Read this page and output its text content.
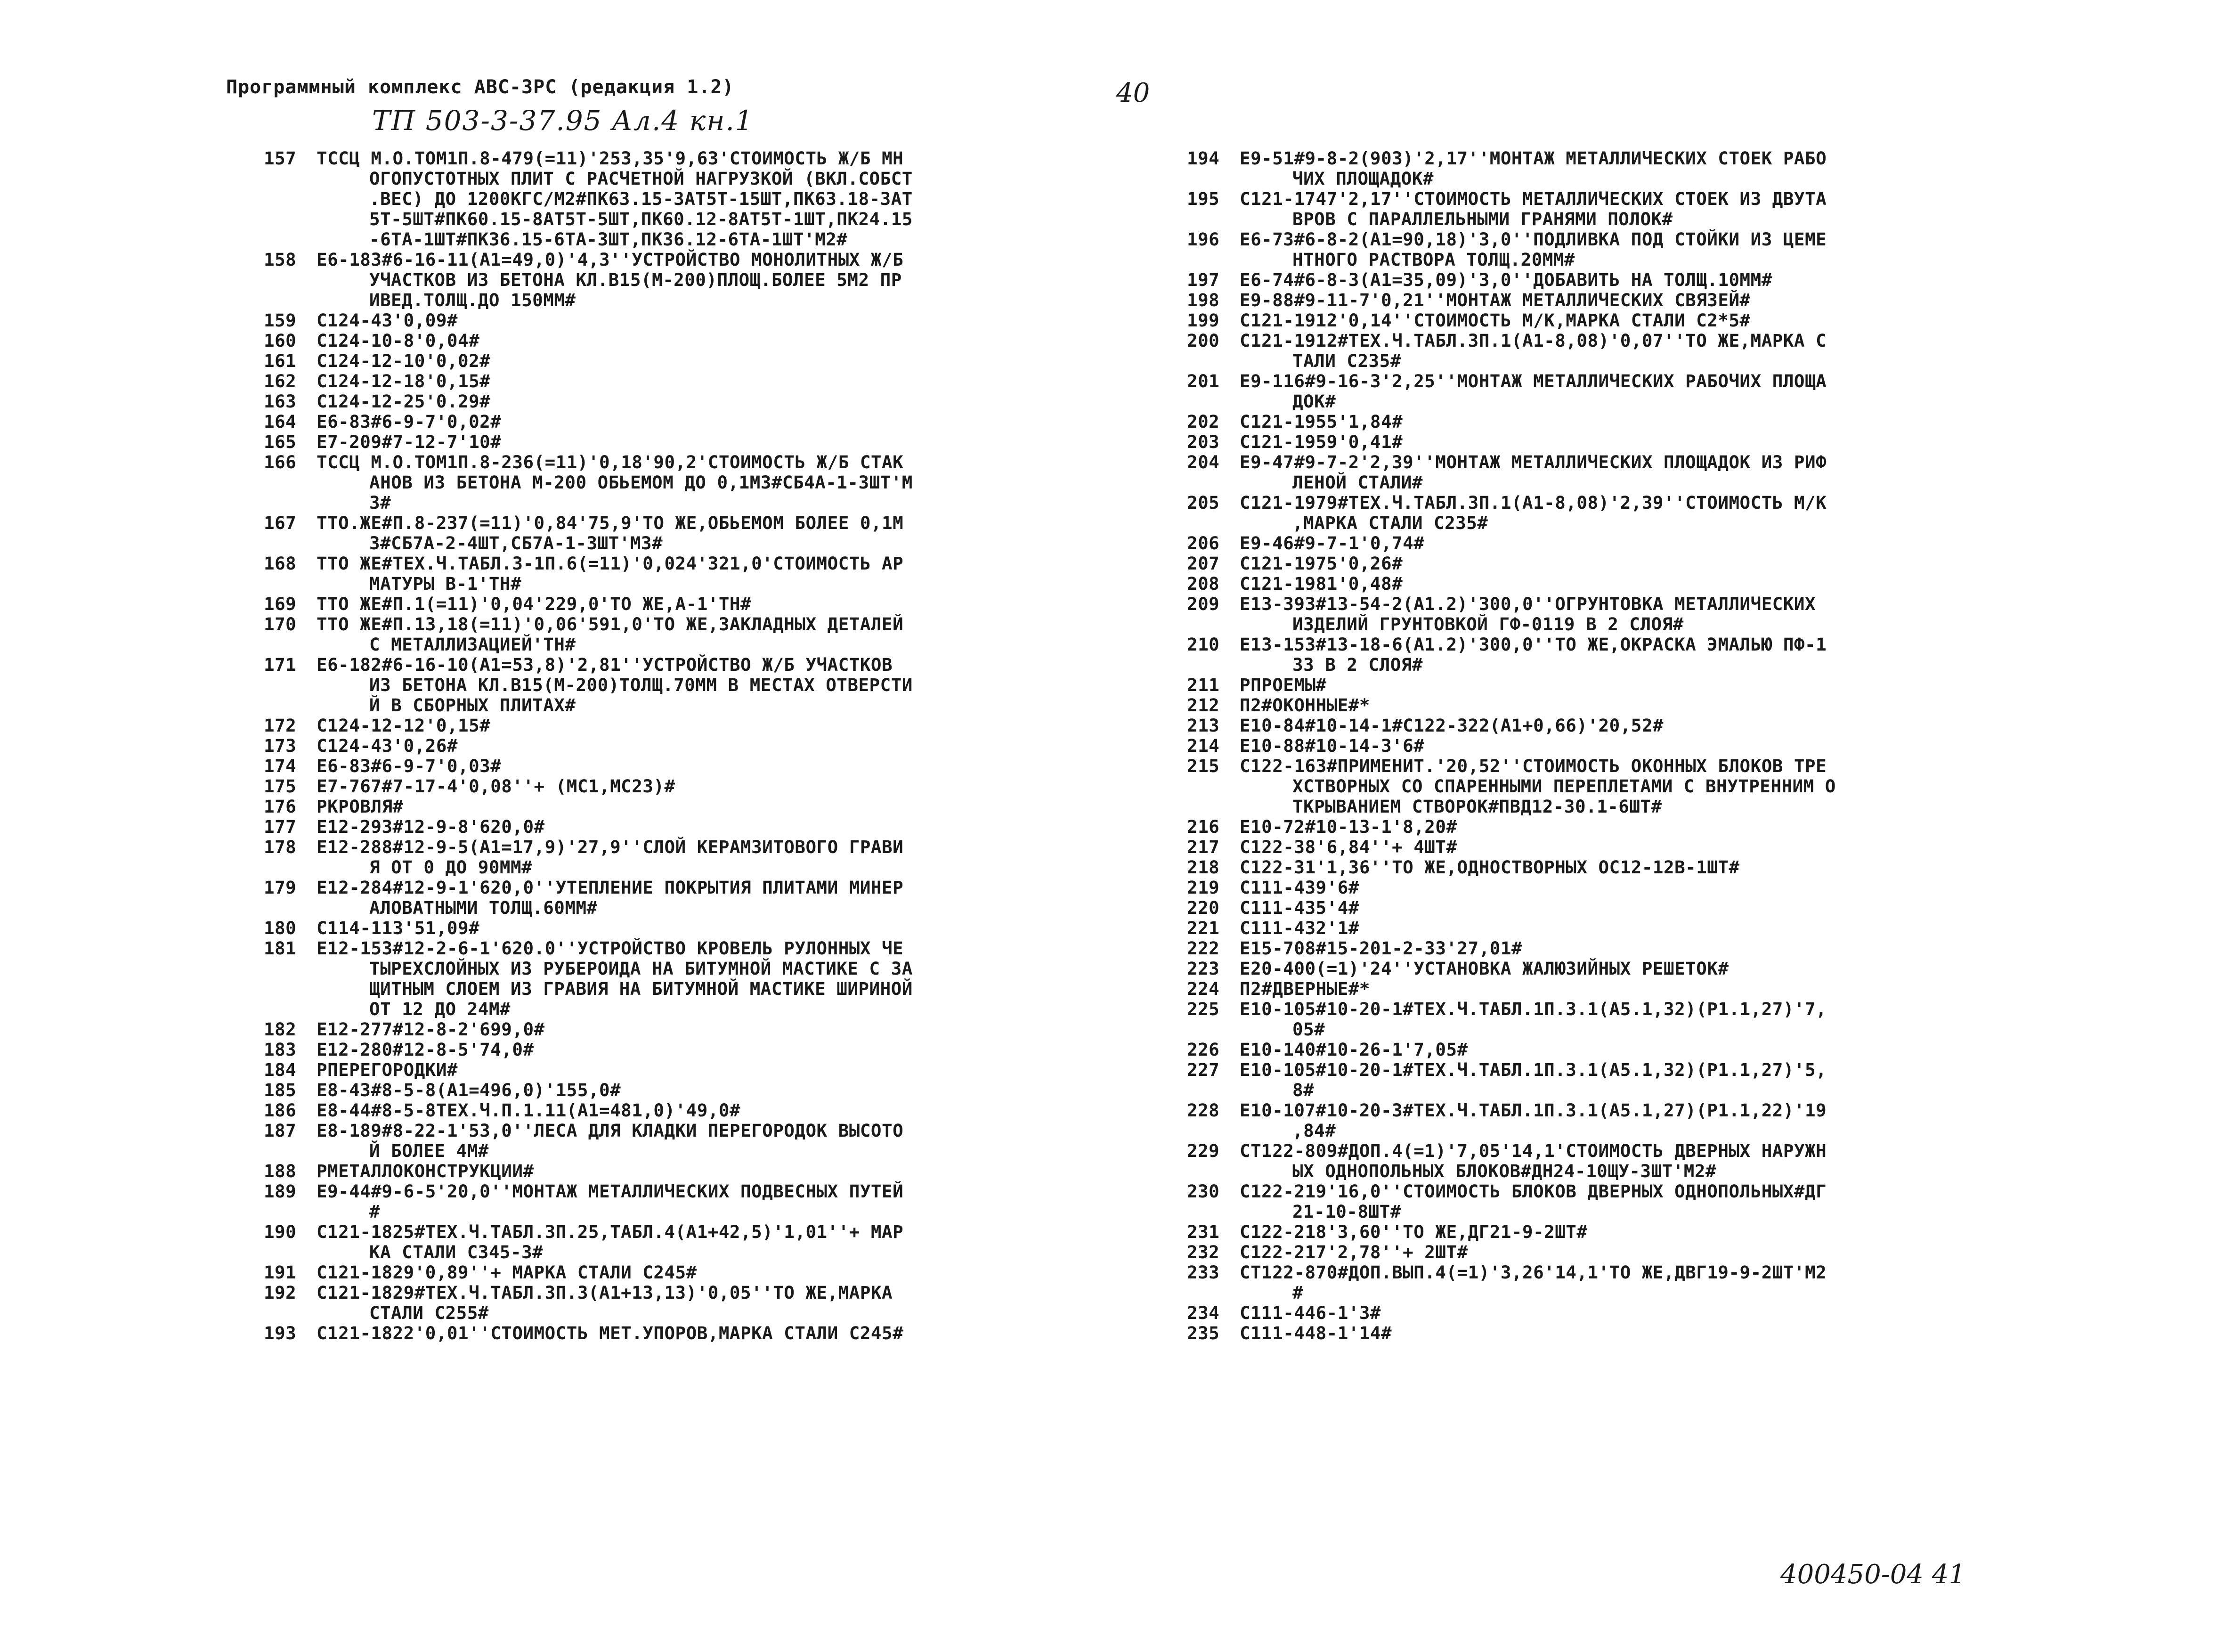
Программный комплекс АВС-3РС (редакция 1.2)
ТП 503-3-37.95 Ал.4 кн.1
40
157	ТССЦ М.О.ТОМ1П.8-479(=11)'253,35'9,63'СТОИМОСТЬ Ж/Б МН
ОГОПУСТОТНЫХ ПЛИТ С РАСЧЕТНОЙ НАГРУЗКОЙ (ВКЛ.СОБСТ
.ВЕС) ДО 1200КГС/М2#ПК63.15-3АТ5Т-15ШТ,ПК63.18-3АТ
5Т-5ШТ#ПК60.15-8АТ5Т-5ШТ,ПК60.12-8АТ5Т-1ШТ,ПК24.15
-6ТА-1ШТ#ПК36.15-6ТА-3ШТ,ПК36.12-6ТА-1ШТ'М2#
158	Е6-183#6-16-11(А1=49,0)'4,3''УСТРОЙСТВО МОНОЛИТНЫХ Ж/Б
УЧАСТКОВ ИЗ БЕТОНА КЛ.В15(М-200)ПЛОЩ.БОЛЕЕ 5М2 ПР
ИВЕД.ТОЛЩ.ДО 150ММ#
159	С124-43'0,09#
160	С124-10-8'0,04#
161	С124-12-10'0,02#
162	С124-12-18'0,15#
163	С124-12-25'0.29#
164	Е6-83#6-9-7'0,02#
165	Е7-209#7-12-7'10#
166	ТССЦ М.О.ТОМ1П.8-236(=11)'0,18'90,2'СТОИМОСТЬ Ж/Б СТАК
АНОВ ИЗ БЕТОНА М-200 ОБЬЕМОМ ДО 0,1М3#СБ4А-1-3ШТ'М
3#
167	ТТО.ЖЕ#П.8-237(=11)'0,84'75,9'ТО ЖЕ,ОБЬЕМОМ БОЛЕЕ 0,1М
3#СБ7А-2-4ШТ,СБ7А-1-3ШТ'М3#
168	ТТО ЖЕ#ТЕХ.Ч.ТАБЛ.3-1П.6(=11)'0,024'321,0'СТОИМОСТЬ АР
МАТУРЫ В-1'ТН#
169	ТТО ЖЕ#П.1(=11)'0,04'229,0'ТО ЖЕ,А-1'ТН#
170	ТТО ЖЕ#П.13,18(=11)'0,06'591,0'ТО ЖЕ,ЗАКЛАДНЫХ ДЕТАЛЕЙ
С МЕТАЛЛИЗАЦИЕЙ'ТН#
171	Е6-182#6-16-10(А1=53,8)'2,81''УСТРОЙСТВО Ж/Б УЧАСТКОВ
ИЗ БЕТОНА КЛ.В15(М-200)ТОЛЩ.70ММ В МЕСТАХ ОТВЕРСТИ
Й В СБОРНЫХ ПЛИТАХ#
172	С124-12-12'0,15#
173	С124-43'0,26#
174	Е6-83#6-9-7'0,03#
175	Е7-767#7-17-4'0,08''+ (МС1,МС23)#
176	РКРОВЛЯ#
177	Е12-293#12-9-8'620,0#
178	Е12-288#12-9-5(А1=17,9)'27,9''СЛОЙ КЕРАМЗИТОВОГО ГРАВИ
Я ОТ 0 ДО 90ММ#
179	Е12-284#12-9-1'620,0''УТЕПЛЕНИЕ ПОКРЫТИЯ ПЛИТАМИ МИНЕР
АЛОВАТНЫМИ ТОЛЩ.60ММ#
180	С114-113'51,09#
181	Е12-153#12-2-6-1'620.0''УСТРОЙСТВО КРОВЕЛЬ РУЛОННЫХ ЧЕ
ТЫРЕХСЛОЙНЫХ ИЗ РУБЕРОИДА НА БИТУМНОЙ МАСТИКЕ С ЗА
ЩИТНЫМ СЛОЕМ ИЗ ГРАВИЯ НА БИТУМНОЙ МАСТИКЕ ШИРИНОЙ
ОТ 12 ДО 24М#
182	Е12-277#12-8-2'699,0#
183	Е12-280#12-8-5'74,0#
184	РПЕРЕГОРОДКИ#
185	Е8-43#8-5-8(А1=496,0)'155,0#
186	Е8-44#8-5-8ТЕХ.Ч.П.1.11(А1=481,0)'49,0#
187	Е8-189#8-22-1'53,0''ЛЕСА ДЛЯ КЛАДКИ ПЕРЕГОРОДОК ВЫСОТО
Й БОЛЕЕ 4М#
188	РМЕТАЛЛОКОНСТРУКЦИИ#
189	Е9-44#9-6-5'20,0''МОНТАЖ МЕТАЛЛИЧЕСКИХ ПОДВЕСНЫХ ПУТЕЙ
#
190	С121-1825#ТЕХ.Ч.ТАБЛ.3П.25,ТАБЛ.4(А1+42,5)'1,01''+ МАР
КА СТАЛИ С345-3#
191	С121-1829'0,89''+ МАРКА СТАЛИ С245#
192	С121-1829#ТЕХ.Ч.ТАБЛ.3П.3(А1+13,13)'0,05''ТО ЖЕ,МАРКА
СТАЛИ С255#
193	С121-1822'0,01''СТОИМОСТЬ МЕТ.УПОРОВ,МАРКА СТАЛИ С245#
194	Е9-51#9-8-2(903)'2,17''МОНТАЖ МЕТАЛЛИЧЕСКИХ СТОЕК РАБО
ЧИХ ПЛОЩАДОК#
195	С121-1747'2,17''СТОИМОСТЬ МЕТАЛЛИЧЕСКИХ СТОЕК ИЗ ДВУТА
ВРОВ С ПАРАЛЛЕЛЬНЫМИ ГРАНЯМИ ПОЛОК#
196	Е6-73#6-8-2(А1=90,18)'3,0''ПОДЛИВКА ПОД СТОЙКИ ИЗ ЦЕМЕ
НТНОГО РАСТВОРА ТОЛЩ.20ММ#
197	Е6-74#6-8-3(А1=35,09)'3,0''ДОБАВИТЬ НА ТОЛЩ.10ММ#
198	Е9-88#9-11-7'0,21''МОНТАЖ МЕТАЛЛИЧЕСКИХ СВЯЗЕЙ#
199	С121-1912'0,14''СТОИМОСТЬ М/К,МАРКА СТАЛИ С2*5#
200	С121-1912#ТЕХ.Ч.ТАБЛ.3П.1(А1-8,08)'0,07''ТО ЖЕ,МАРКА С
ТАЛИ С235#
201	Е9-116#9-16-3'2,25''МОНТАЖ МЕТАЛЛИЧЕСКИХ РАБОЧИХ ПЛОЩА
ДОК#
202	С121-1955'1,84#
203	С121-1959'0,41#
204	Е9-47#9-7-2'2,39''МОНТАЖ МЕТАЛЛИЧЕСКИХ ПЛОЩАДОК ИЗ РИФ
ЛЕНОЙ СТАЛИ#
205	С121-1979#ТЕХ.Ч.ТАБЛ.3П.1(А1-8,08)'2,39''СТОИМОСТЬ М/К
,МАРКА СТАЛИ С235#
206	Е9-46#9-7-1'0,74#
207	С121-1975'0,26#
208	С121-1981'0,48#
209	Е13-393#13-54-2(А1.2)'300,0''ОГРУНТОВКА МЕТАЛЛИЧЕСКИХ
ИЗДЕЛИЙ ГРУНТОВКОЙ ГФ-0119 В 2 СЛОЯ#
210	Е13-153#13-18-6(А1.2)'300,0''ТО ЖЕ,ОКРАСКА ЭМАЛЬЮ ПФ-1
33 В 2 СЛОЯ#
211	РПРОЕМЫ#
212	П2#ОКОННЫЕ#*
213	Е10-84#10-14-1#С122-322(А1+0,66)'20,52#
214	Е10-88#10-14-3'6#
215	С122-163#ПРИМЕНИТ.'20,52''СТОИМОСТЬ ОКОННЫХ БЛОКОВ ТРЕ
ХСТВОРНЫХ СО СПАРЕННЫМИ ПЕРЕПЛЕТАМИ С ВНУТРЕННИМ О
ТКРЫВАНИЕМ СТВОРОК#ПВД12-30.1-6ШТ#
216	Е10-72#10-13-1'8,20#
217	С122-38'6,84''+ 4ШТ#
218	С122-31'1,36''ТО ЖЕ,ОДНОСТВОРНЫХ ОС12-12В-1ШТ#
219	С111-439'6#
220	С111-435'4#
221	С111-432'1#
222	Е15-708#15-201-2-33'27,01#
223	Е20-400(=1)'24''УСТАНОВКА ЖАЛЮЗИЙНЫХ РЕШЕТОК#
224	П2#ДВЕРНЫЕ#*
225	Е10-105#10-20-1#ТЕХ.Ч.ТАБЛ.1П.3.1(А5.1,32)(Р1.1,27)'7,
05#
226	Е10-140#10-26-1'7,05#
227	Е10-105#10-20-1#ТЕХ.Ч.ТАБЛ.1П.3.1(А5.1,32)(Р1.1,27)'5,
8#
228	Е10-107#10-20-3#ТЕХ.Ч.ТАБЛ.1П.3.1(А5.1,27)(Р1.1,22)'19
,84#
229	СТ122-809#ДОП.4(=1)'7,05'14,1'СТОИМОСТЬ ДВЕРНЫХ НАРУЖН
ЫХ ОДНОПОЛЬНЫХ БЛОКОВ#ДН24-10ЩУ-3ШТ'М2#
230	С122-219'16,0''СТОИМОСТЬ БЛОКОВ ДВЕРНЫХ ОДНОПОЛЬНЫХ#ДГ
21-10-8ШТ#
231	С122-218'3,60''ТО ЖЕ,ДГ21-9-2ШТ#
232	С122-217'2,78''+ 2ШТ#
233	СТ122-870#ДОП.ВЫП.4(=1)'3,26'14,1'ТО ЖЕ,ДВГ19-9-2ШТ'М2
#
234	С111-446-1'3#
235	С111-448-1'14#
400450-04 41
